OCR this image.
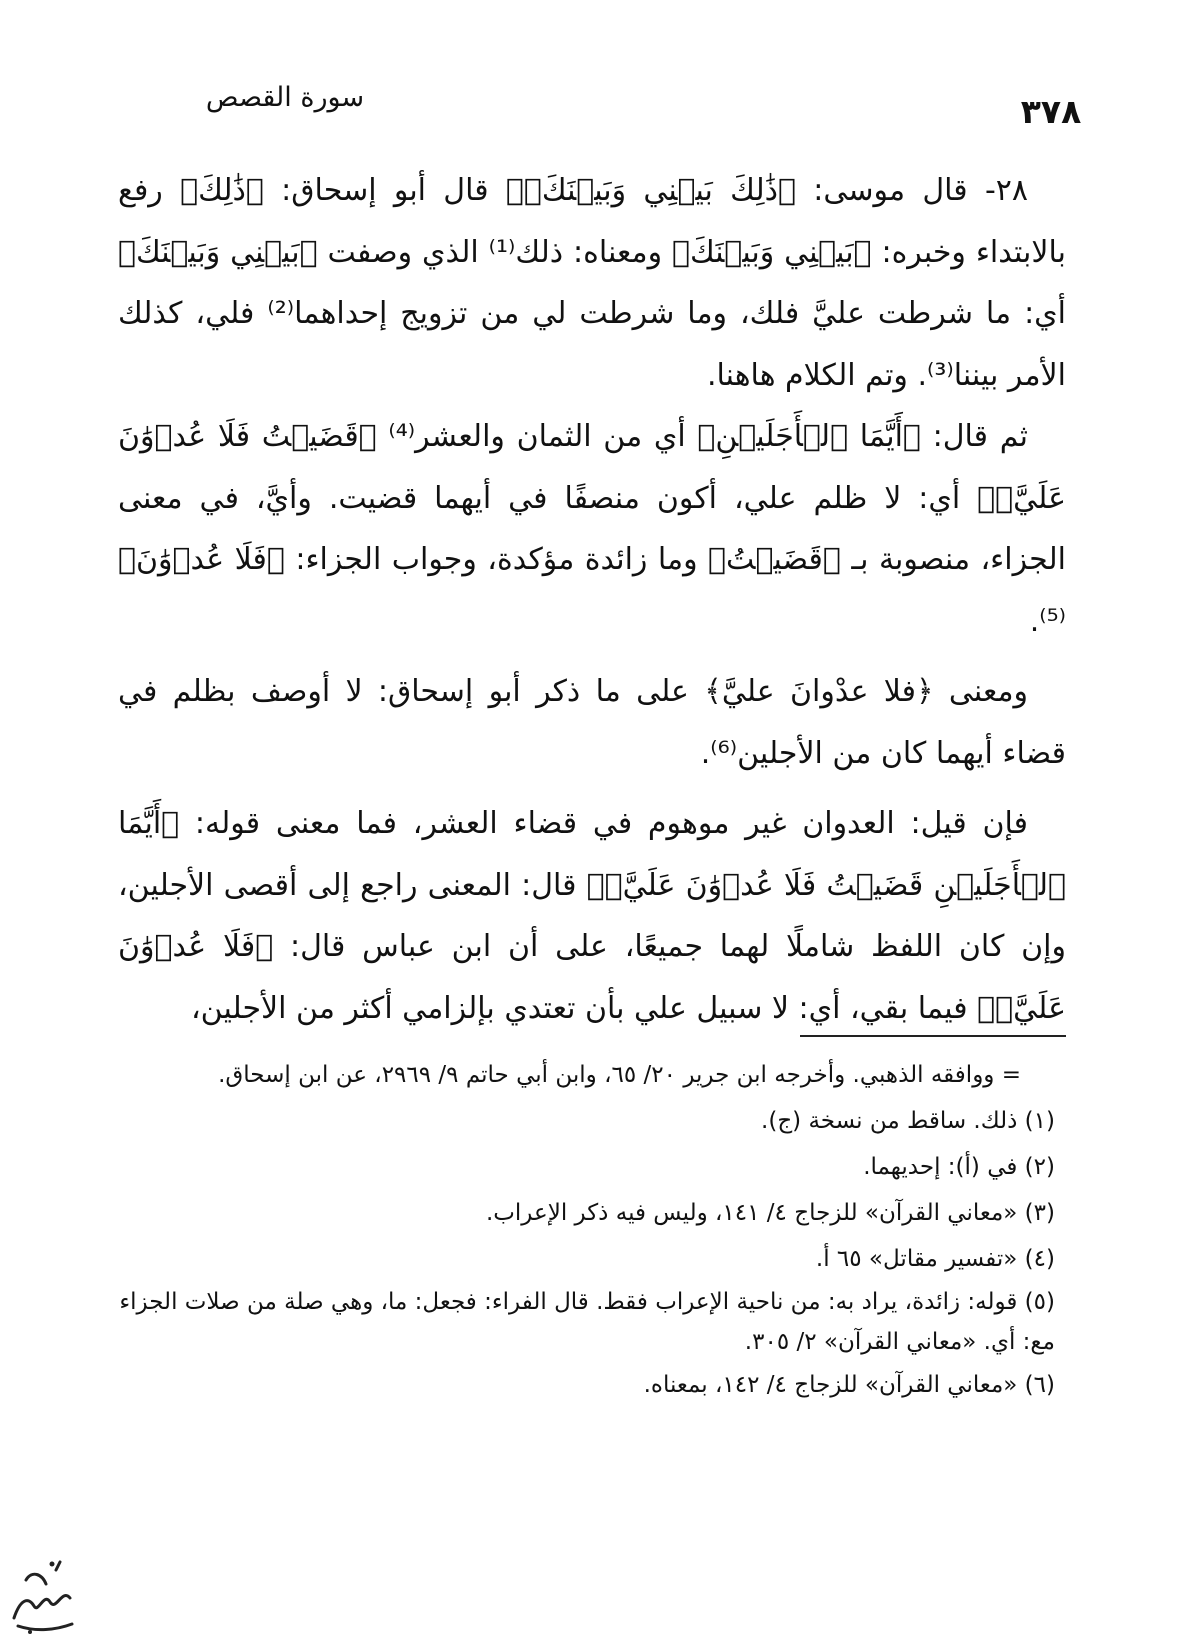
سورة القصص	٣٧٨

٢٨- قال موسى: ﴿ذَٰلِكَ بَيۡنِي وَبَيۡنَكَۖ﴾ قال أبو إسحاق: ﴿ذَٰلِكَ﴾ رفع بالابتداء وخبره: ﴿بَيۡنِي وَبَيۡنَكَ﴾ ومعناه: ذلك⁽¹⁾ الذي وصفت ﴿بَيۡنِي وَبَيۡنَكَ﴾ أي: ما شرطت عليَّ فلك، وما شرطت لي من تزويج إحداهما⁽²⁾ فلي، كذلك الأمر بيننا⁽³⁾. وتم الكلام هاهنا.

ثم قال: ﴿أَيَّمَا ٱلۡأَجَلَيۡنِ﴾ أي من الثمان والعشر⁽⁴⁾ ﴿قَضَيۡتُ فَلَا عُدۡوَٰنَ عَلَيَّۖ﴾ أي: لا ظلم علي، أكون منصفًا في أيهما قضيت. وأيَّ، في معنى الجزاء، منصوبة بـ ﴿قَضَيۡتُ﴾ وما زائدة مؤكدة، وجواب الجزاء: ﴿فَلَا عُدۡوَٰنَ﴾⁽⁵⁾.

ومعنى ﴿فلا عدْوانَ عليَّ﴾ على ما ذكر أبو إسحاق: لا أوصف بظلم في قضاء أيهما كان من الأجلين⁽⁶⁾.

فإن قيل: العدوان غير موهوم في قضاء العشر، فما معنى قوله: ﴿أَيَّمَا ٱلۡأَجَلَيۡنِ قَضَيۡتُ فَلَا عُدۡوَٰنَ عَلَيَّۖ﴾ قال: المعنى راجع إلى أقصى الأجلين، وإن كان اللفظ شاملًا لهما جميعًا، على أن ابن عباس قال: ﴿فَلَا عُدۡوَٰنَ عَلَيَّۖ﴾ فيما بقي، أي: لا سبيل علي بأن تعتدي بإلزامي أكثر من الأجلين،

= ووافقه الذهبي. وأخرجه ابن جرير ٢٠/ ٦٥، وابن أبي حاتم ٩/ ٢٩٦٩، عن ابن إسحاق.

(١) ذلك. ساقط من نسخة (ج).

(٢) في (أ): إحديهما.

(٣) «معاني القرآن» للزجاج ٤/ ١٤١، وليس فيه ذكر الإعراب.

(٤) «تفسير مقاتل» ٦٥ أ.

(٥) قوله: زائدة، يراد به: من ناحية الإعراب فقط. قال الفراء: فجعل: ما، وهي صلة من صلات الجزاء مع: أي. «معاني القرآن» ٢/ ٣٠٥.

(٦) «معاني القرآن» للزجاج ٤/ ١٤٢، بمعناه.
